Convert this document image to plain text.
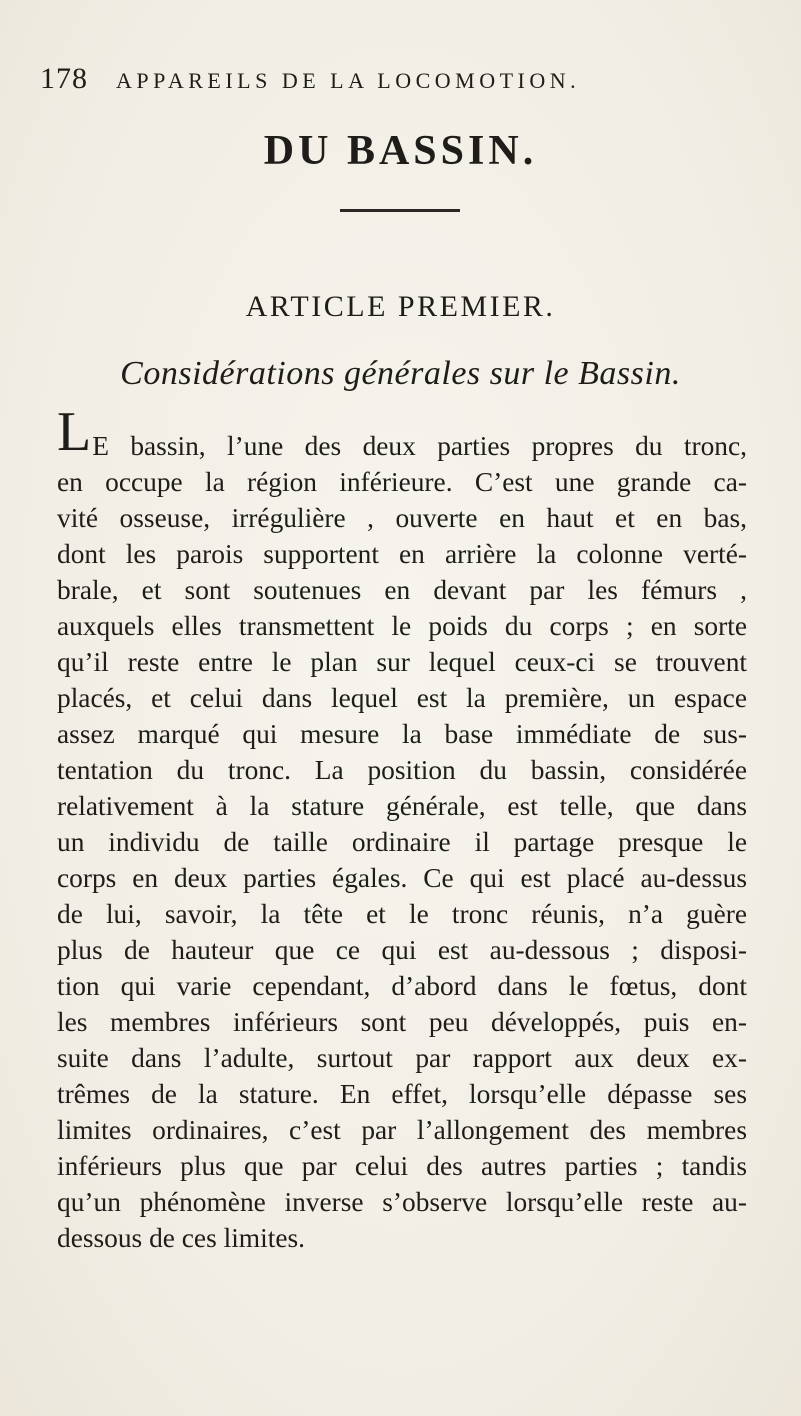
178 APPAREILS DE LA LOCOMOTION.
DU BASSIN.
ARTICLE PREMIER.
Considérations générales sur le Bassin.
LE bassin, l’une des deux parties propres du tronc,
en occupe la région inférieure. C’est une grande ca-
vité osseuse, irrégulière , ouverte en haut et en bas,
dont les parois supportent en arrière la colonne verté-
brale, et sont soutenues en devant par les fémurs ,
auxquels elles transmettent le poids du corps ; en sorte
qu’il reste entre le plan sur lequel ceux-ci se trouvent
placés, et celui dans lequel est la première, un espace
assez marqué qui mesure la base immédiate de sus-
tentation du tronc. La position du bassin, considérée
relativement à la stature générale, est telle, que dans
un individu de taille ordinaire il partage presque le
corps en deux parties égales. Ce qui est placé au-dessus
de lui, savoir, la tête et le tronc réunis, n’a guère
plus de hauteur que ce qui est au-dessous ; disposi-
tion qui varie cependant, d’abord dans le fœtus, dont
les membres inférieurs sont peu développés, puis en-
suite dans l’adulte, surtout par rapport aux deux ex-
trêmes de la stature. En effet, lorsqu’elle dépasse ses
limites ordinaires, c’est par l’allongement des membres
inférieurs plus que par celui des autres parties ; tandis
qu’un phénomène inverse s’observe lorsqu’elle reste au-
dessous de ces limites.
